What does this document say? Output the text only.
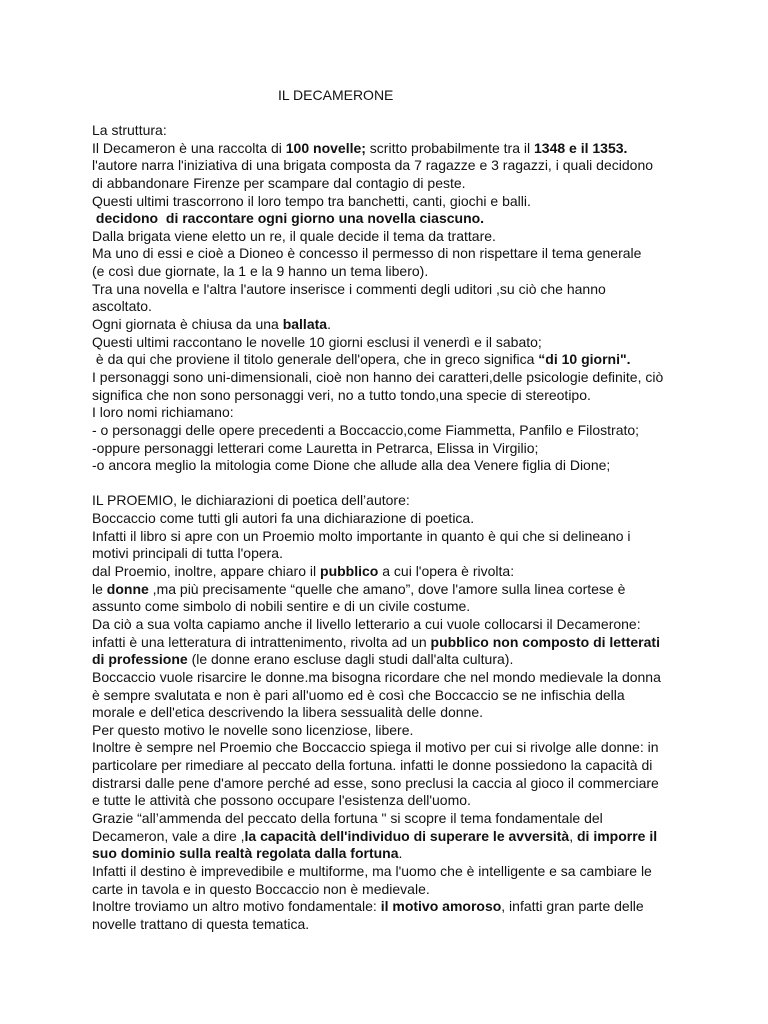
IL DECAMERONE
La struttura:
Il Decameron è una raccolta di 100 novelle; scritto probabilmente tra il 1348 e il 1353.
l'autore narra l'iniziativa di una brigata composta da 7 ragazze e 3 ragazzi, i quali decidono
di abbandonare Firenze per scampare dal contagio di peste.
Questi ultimi trascorrono il loro tempo tra banchetti, canti, giochi e balli.
decidono  di raccontare ogni giorno una novella ciascuno.
Dalla brigata viene eletto un re, il quale decide il tema da trattare.
Ma uno di essi e cioè a Dioneo è concesso il permesso di non rispettare il tema generale
(e così due giornate, la 1 e la 9 hanno un tema libero).
Tra una novella e l'altra l'autore inserisce i commenti degli uditori ,su ciò che hanno
ascoltato.
Ogni giornata è chiusa da una ballata.
Questi ultimi raccontano le novelle 10 giorni esclusi il venerdì e il sabato;
è da qui che proviene il titolo generale dell'opera, che in greco significa “di 10 giorni".
I personaggi sono uni-dimensionali, cioè non hanno dei caratteri,delle psicologie definite, ciò
significa che non sono personaggi veri, no a tutto tondo,una specie di stereotipo.
I loro nomi richiamano:
- o personaggi delle opere precedenti a Boccaccio,come Fiammetta, Panfilo e Filostrato;
-oppure personaggi letterari come Lauretta in Petrarca, Elissa in Virgilio;
-o ancora meglio la mitologia come Dione che allude alla dea Venere figlia di Dione;
IL PROEMIO, le dichiarazioni di poetica dell’autore:
Boccaccio come tutti gli autori fa una dichiarazione di poetica.
Infatti il libro si apre con un Proemio molto importante in quanto è qui che si delineano i
motivi principali di tutta l'opera.
dal Proemio, inoltre, appare chiaro il pubblico a cui l'opera è rivolta:
le donne ,ma più precisamente “quelle che amano”, dove l'amore sulla linea cortese è
assunto come simbolo di nobili sentire e di un civile costume.
Da ciò a sua volta capiamo anche il livello letterario a cui vuole collocarsi il Decamerone:
infatti è una letteratura di intrattenimento, rivolta ad un pubblico non composto di letterati
di professione (le donne erano escluse dagli studi dall'alta cultura).
Boccaccio vuole risarcire le donne.ma bisogna ricordare che nel mondo medievale la donna
è sempre svalutata e non è pari all'uomo ed è così che Boccaccio se ne infischia della
morale e dell'etica descrivendo la libera sessualità delle donne.
Per questo motivo le novelle sono licenziose, libere.
Inoltre è sempre nel Proemio che Boccaccio spiega il motivo per cui si rivolge alle donne: in
particolare per rimediare al peccato della fortuna. infatti le donne possiedono la capacità di
distrarsi dalle pene d'amore perché ad esse, sono preclusi la caccia al gioco il commerciare
e tutte le attività che possono occupare l'esistenza dell'uomo.
Grazie “all’ammenda del peccato della fortuna " si scopre il tema fondamentale del
Decameron, vale a dire ,la capacità dell'individuo di superare le avversità, di imporre il
suo dominio sulla realtà regolata dalla fortuna.
Infatti il destino è imprevedibile e multiforme, ma l'uomo che è intelligente e sa cambiare le
carte in tavola e in questo Boccaccio non è medievale.
Inoltre troviamo un altro motivo fondamentale: il motivo amoroso, infatti gran parte delle
novelle trattano di questa tematica.
